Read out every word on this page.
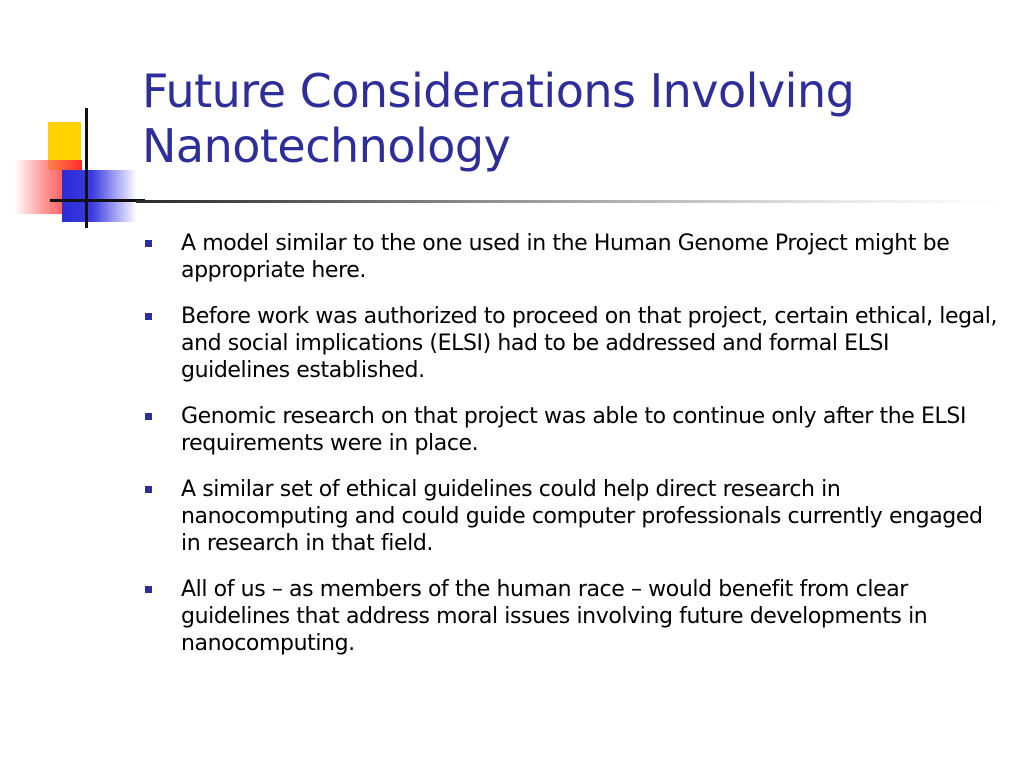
Future Considerations Involving Nanotechnology
A model similar to the one used in the Human Genome Project might be appropriate here.
Before work was authorized to proceed on that project, certain ethical, legal, and social implications (ELSI) had to be addressed and formal ELSI guidelines established.
Genomic research on that project was able to continue only after the ELSI requirements were in place.
A similar set of ethical guidelines could help direct research in nanocomputing and could guide computer professionals currently engaged in research in that field.
All of us – as members of the human race – would benefit from clear guidelines that address moral issues involving future developments in nanocomputing.
